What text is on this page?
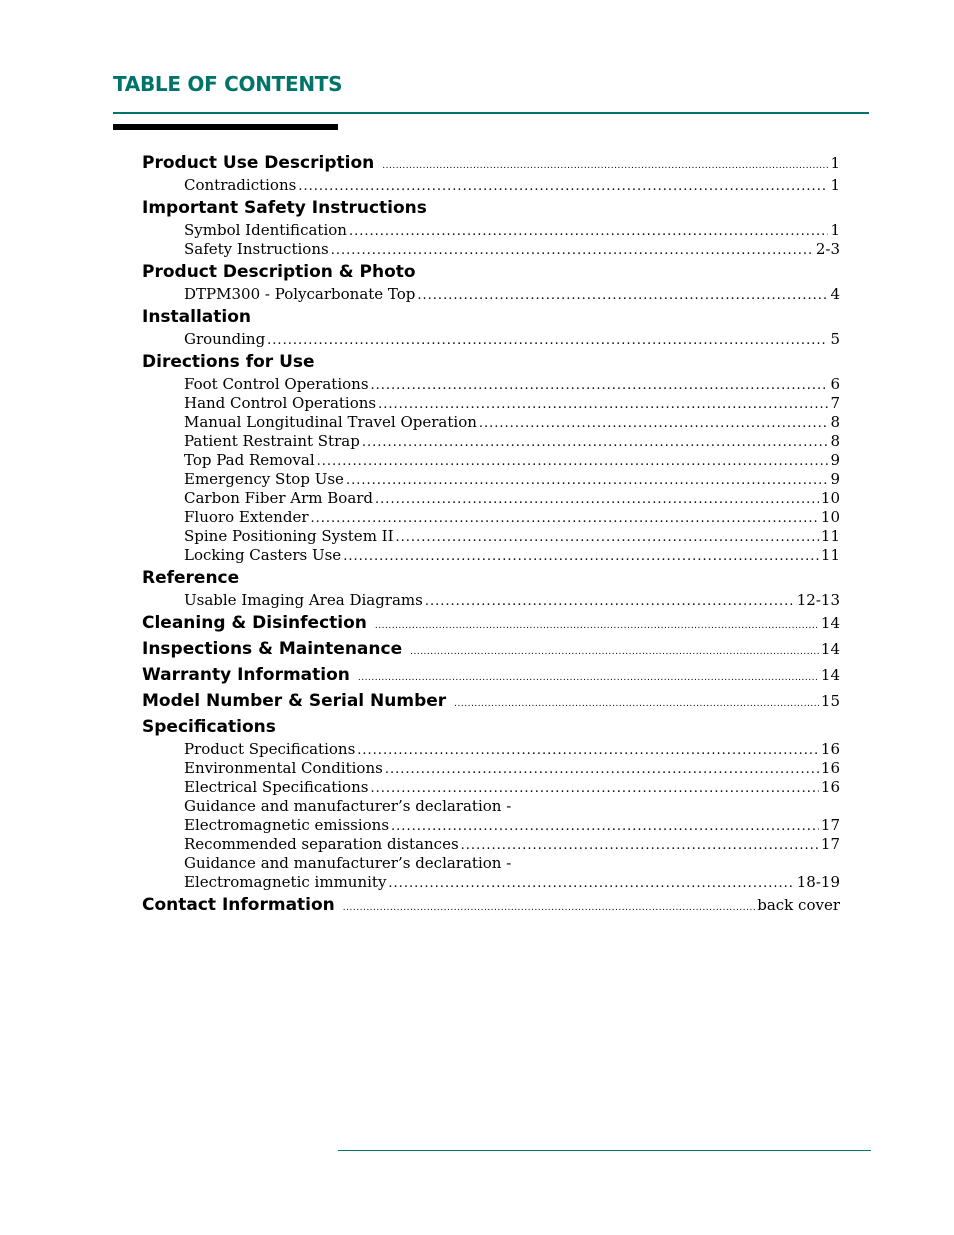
TABLE OF CONTENTS
Product Use Description .....	1
Contradictions .....	1
Important Safety Instructions
Symbol Identification .....	1
Safety Instructions .....	2-3
Product Description & Photo
DTPM300 - Polycarbonate Top .....	4
Installation
Grounding .....	5
Directions for Use
Foot Control Operations .....	6
Hand Control Operations .....	7
Manual Longitudinal Travel Operation .....	8
Patient Restraint Strap .....	8
Top Pad Removal .....	9
Emergency Stop Use .....	9
Carbon Fiber Arm Board .....	10
Fluoro Extender .....	10
Spine Positioning System II .....	11
Locking Casters Use .....	11
Reference
Usable Imaging Area Diagrams .....	12-13
Cleaning & Disinfection .....	14
Inspections & Maintenance .....	14
Warranty Information .....	14
Model Number & Serial Number .....	15
Specifications
Product Specifications .....	16
Environmental Conditions .....	16
Electrical Specifications .....	16
Guidance and manufacturer’s declaration -
Electromagnetic emissions .....	17
Recommended separation distances .....	17
Guidance and manufacturer’s declaration -
Electromagnetic immunity .....	18-19
Contact Information .....	back cover
